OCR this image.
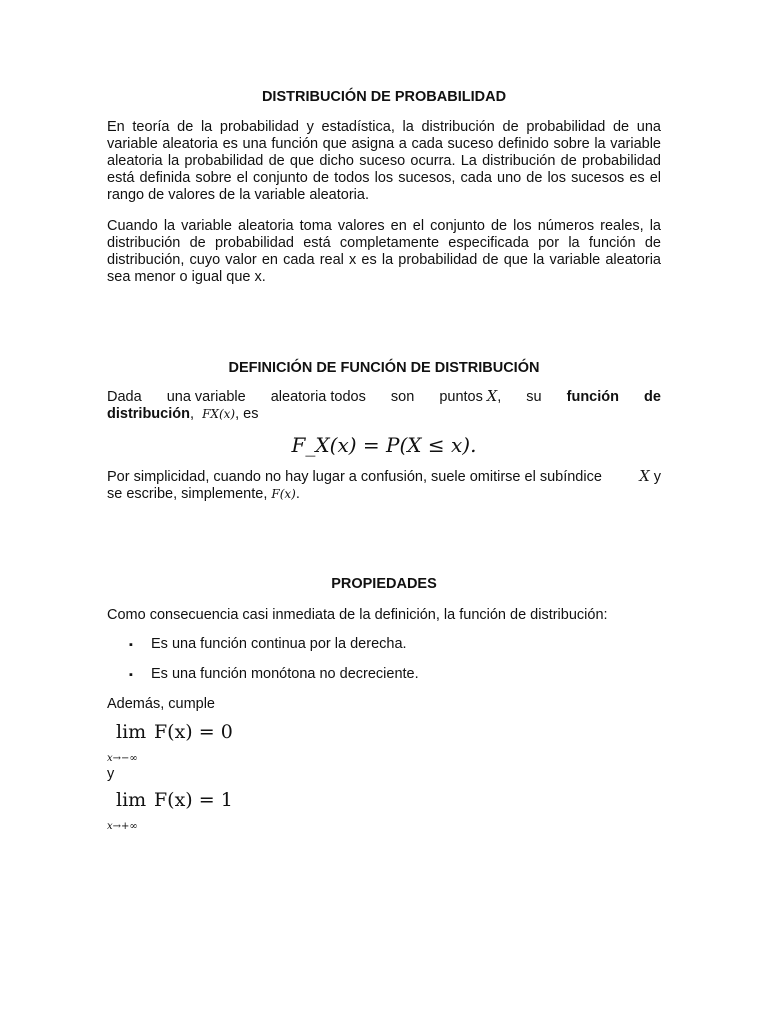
DISTRIBUCIÓN DE PROBABILIDAD

En teoría de la probabilidad y estadística, la distribución de probabilidad de una variable aleatoria es una función que asigna a cada suceso definido sobre la variable aleatoria la probabilidad de que dicho suceso ocurra. La distribución de probabilidad está definida sobre el conjunto de todos los sucesos, cada uno de los sucesos es el rango de valores de la variable aleatoria.

Cuando la variable aleatoria toma valores en el conjunto de los números reales, la distribución de probabilidad está completamente especificada por la función de distribución, cuyo valor en cada real x es la probabilidad de que la variable aleatoria sea menor o igual que x.

DEFINICIÓN DE FUNCIÓN DE DISTRIBUCIÓN
Dada una variable aleatoria todos son puntos X, su función de
distribución,  FX(x), es
F_X(x) = P(X ≤ x).
Por simplicidad, cuando no hay lugar a confusión, suele omitirse el subíndice	X y
se escribe, simplemente, F(x).
PROPIEDADES

Como consecuencia casi inmediata de la definición, la función de distribución:

▪ Es una función continua por la derecha.
▪ Es una función monótona no decreciente.

Además, cumple

lim
x→−∞
F(x) = 0

y

lim
x→+∞
F(x) = 1
